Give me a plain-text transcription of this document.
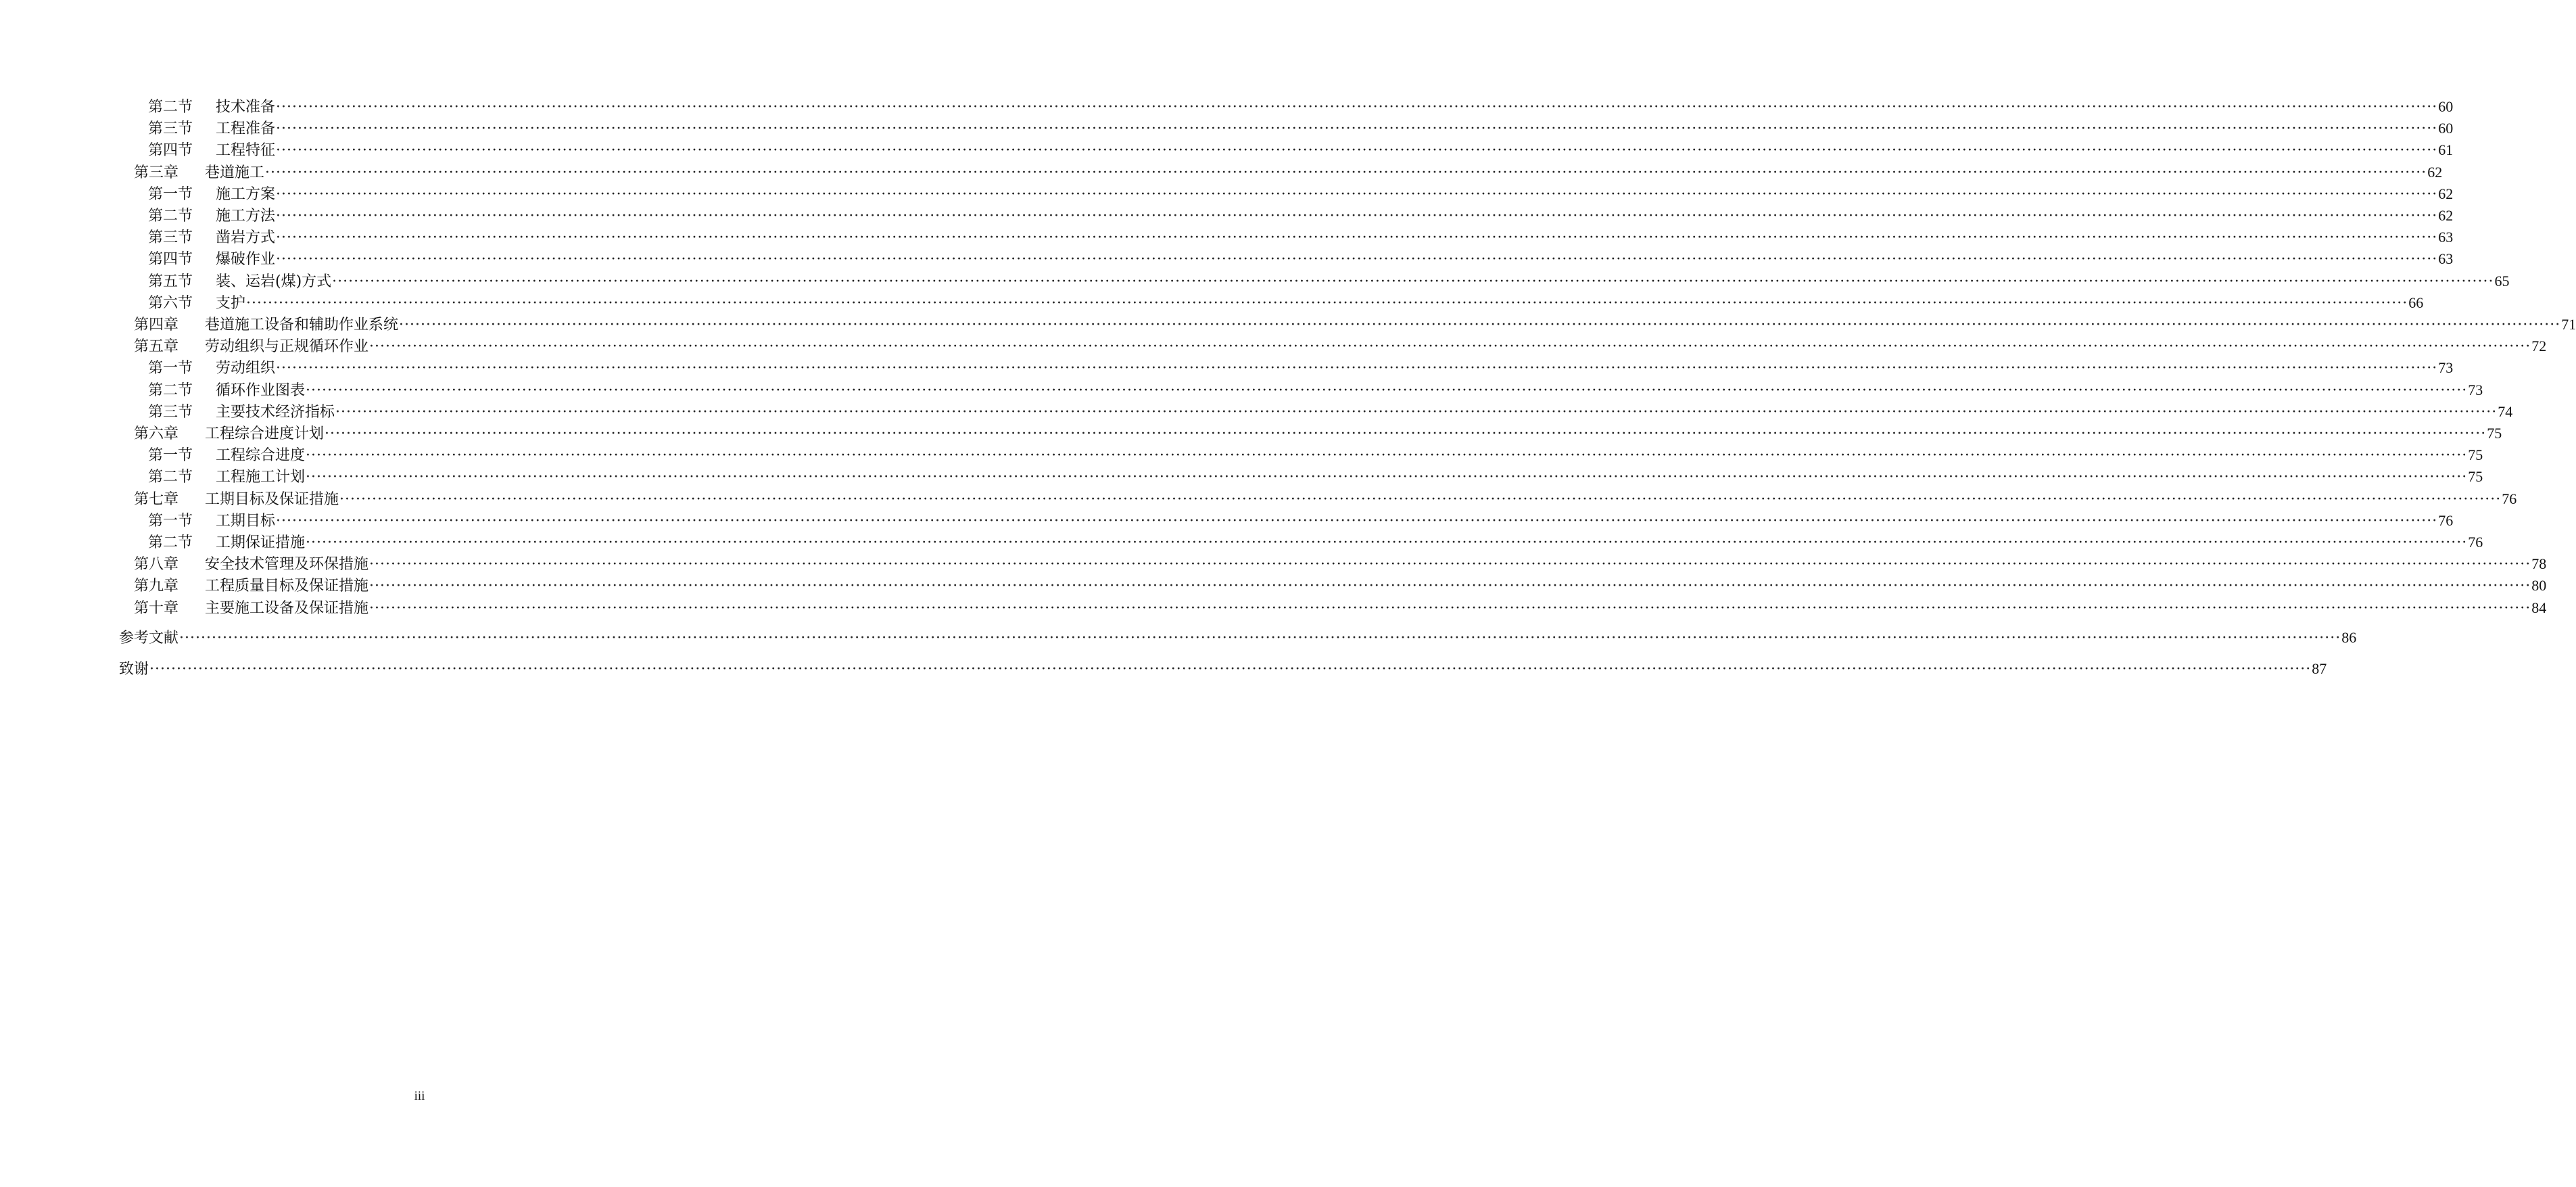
第二节	技术准备 ················································································································································································································································································································································································································ 60
第三节	工程准备 ················································································································································································································································································································································································································ 60
第四节	工程特征 ················································································································································································································································································································································································································ 61
第三章	巷道施工 ················································································································································································································································································································································································································ 62
第一节	施工方案 ················································································································································································································································································································································································································ 62
第二节	施工方法 ················································································································································································································································································································································································································ 62
第三节	凿岩方式 ················································································································································································································································································································································································································ 63
第四节	爆破作业 ················································································································································································································································································································································································································ 63
第五节	装、运岩(煤)方式 ················································································································································································································································································································································································································ 65
第六节	支护 ················································································································································································································································································································································································································ 66
第四章	巷道施工设备和辅助作业系统 ················································································································································································································································································································································································································ 71
第五章	劳动组织与正规循环作业 ················································································································································································································································································································································································································ 72
第一节	劳动组织 ················································································································································································································································································································································································································ 73
第二节	循环作业图表 ················································································································································································································································································································································································································ 73
第三节	主要技术经济指标 ················································································································································································································································································································································································································ 74
第六章	工程综合进度计划 ················································································································································································································································································································································································································ 75
第一节	工程综合进度 ················································································································································································································································································································································································································ 75
第二节	工程施工计划 ················································································································································································································································································································································································································ 75
第七章	工期目标及保证措施 ················································································································································································································································································································································································································ 76
第一节	工期目标 ················································································································································································································································································································································································································ 76
第二节	工期保证措施 ················································································································································································································································································································································································································ 76
第八章	安全技术管理及环保措施 ················································································································································································································································································································································································································ 78
第九章	工程质量目标及保证措施 ················································································································································································································································································································································································································ 80
第十章	主要施工设备及保证措施 ················································································································································································································································································································································································································ 84
参考文献 ················································································································································································································································································································································································································ 86
致谢 ················································································································································································································································································································································································································ 87
iii
